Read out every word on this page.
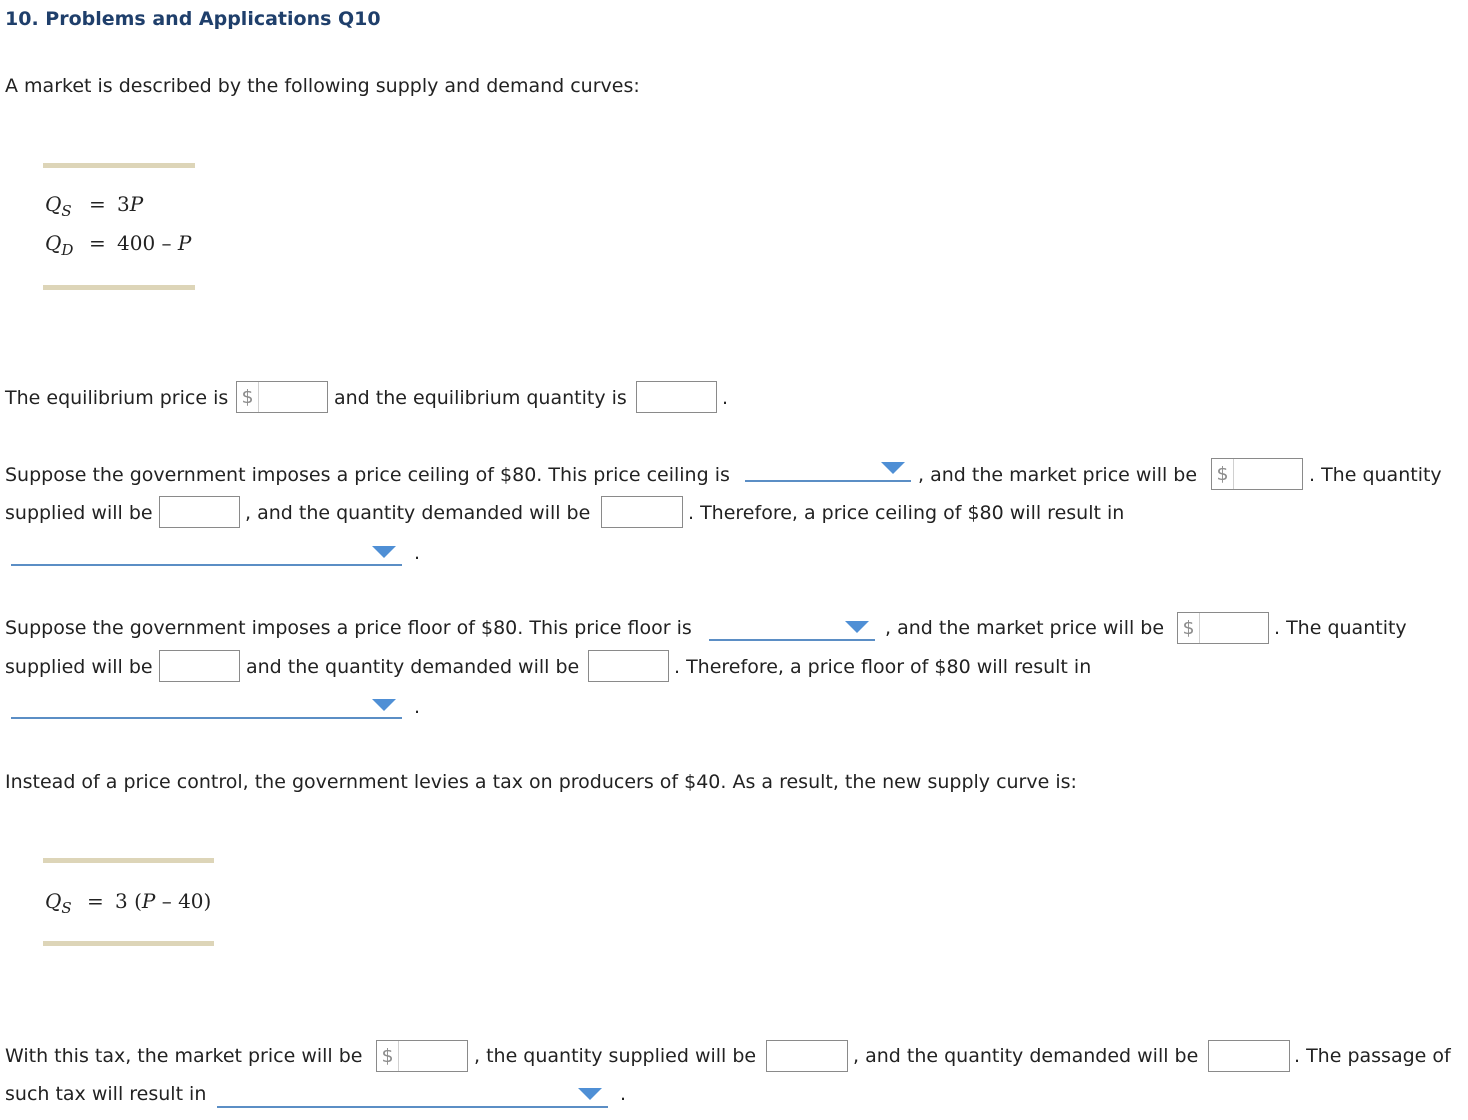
10. Problems and Applications Q10
A market is described by the following supply and demand curves:
$Q_S = 3P$
$Q_D = 400 - P$
The equilibrium price is $	and the equilibrium quantity is	.
Suppose the government imposes a price ceiling of $80. This price ceiling is	, and the market price will be $	. The quantity
supplied will be	, and the quantity demanded will be	. Therefore, a price ceiling of $80 will result in
.
Suppose the government imposes a price floor of $80. This price floor is	, and the market price will be $	. The quantity
supplied will be	and the quantity demanded will be	. Therefore, a price floor of $80 will result in
.
Instead of a price control, the government levies a tax on producers of $40. As a result, the new supply curve is:
$Q_S = 3$ (P – 40)
With this tax, the market price will be $	, the quantity supplied will be	, and the quantity demanded will be	. The passage of
such tax will result in	.
